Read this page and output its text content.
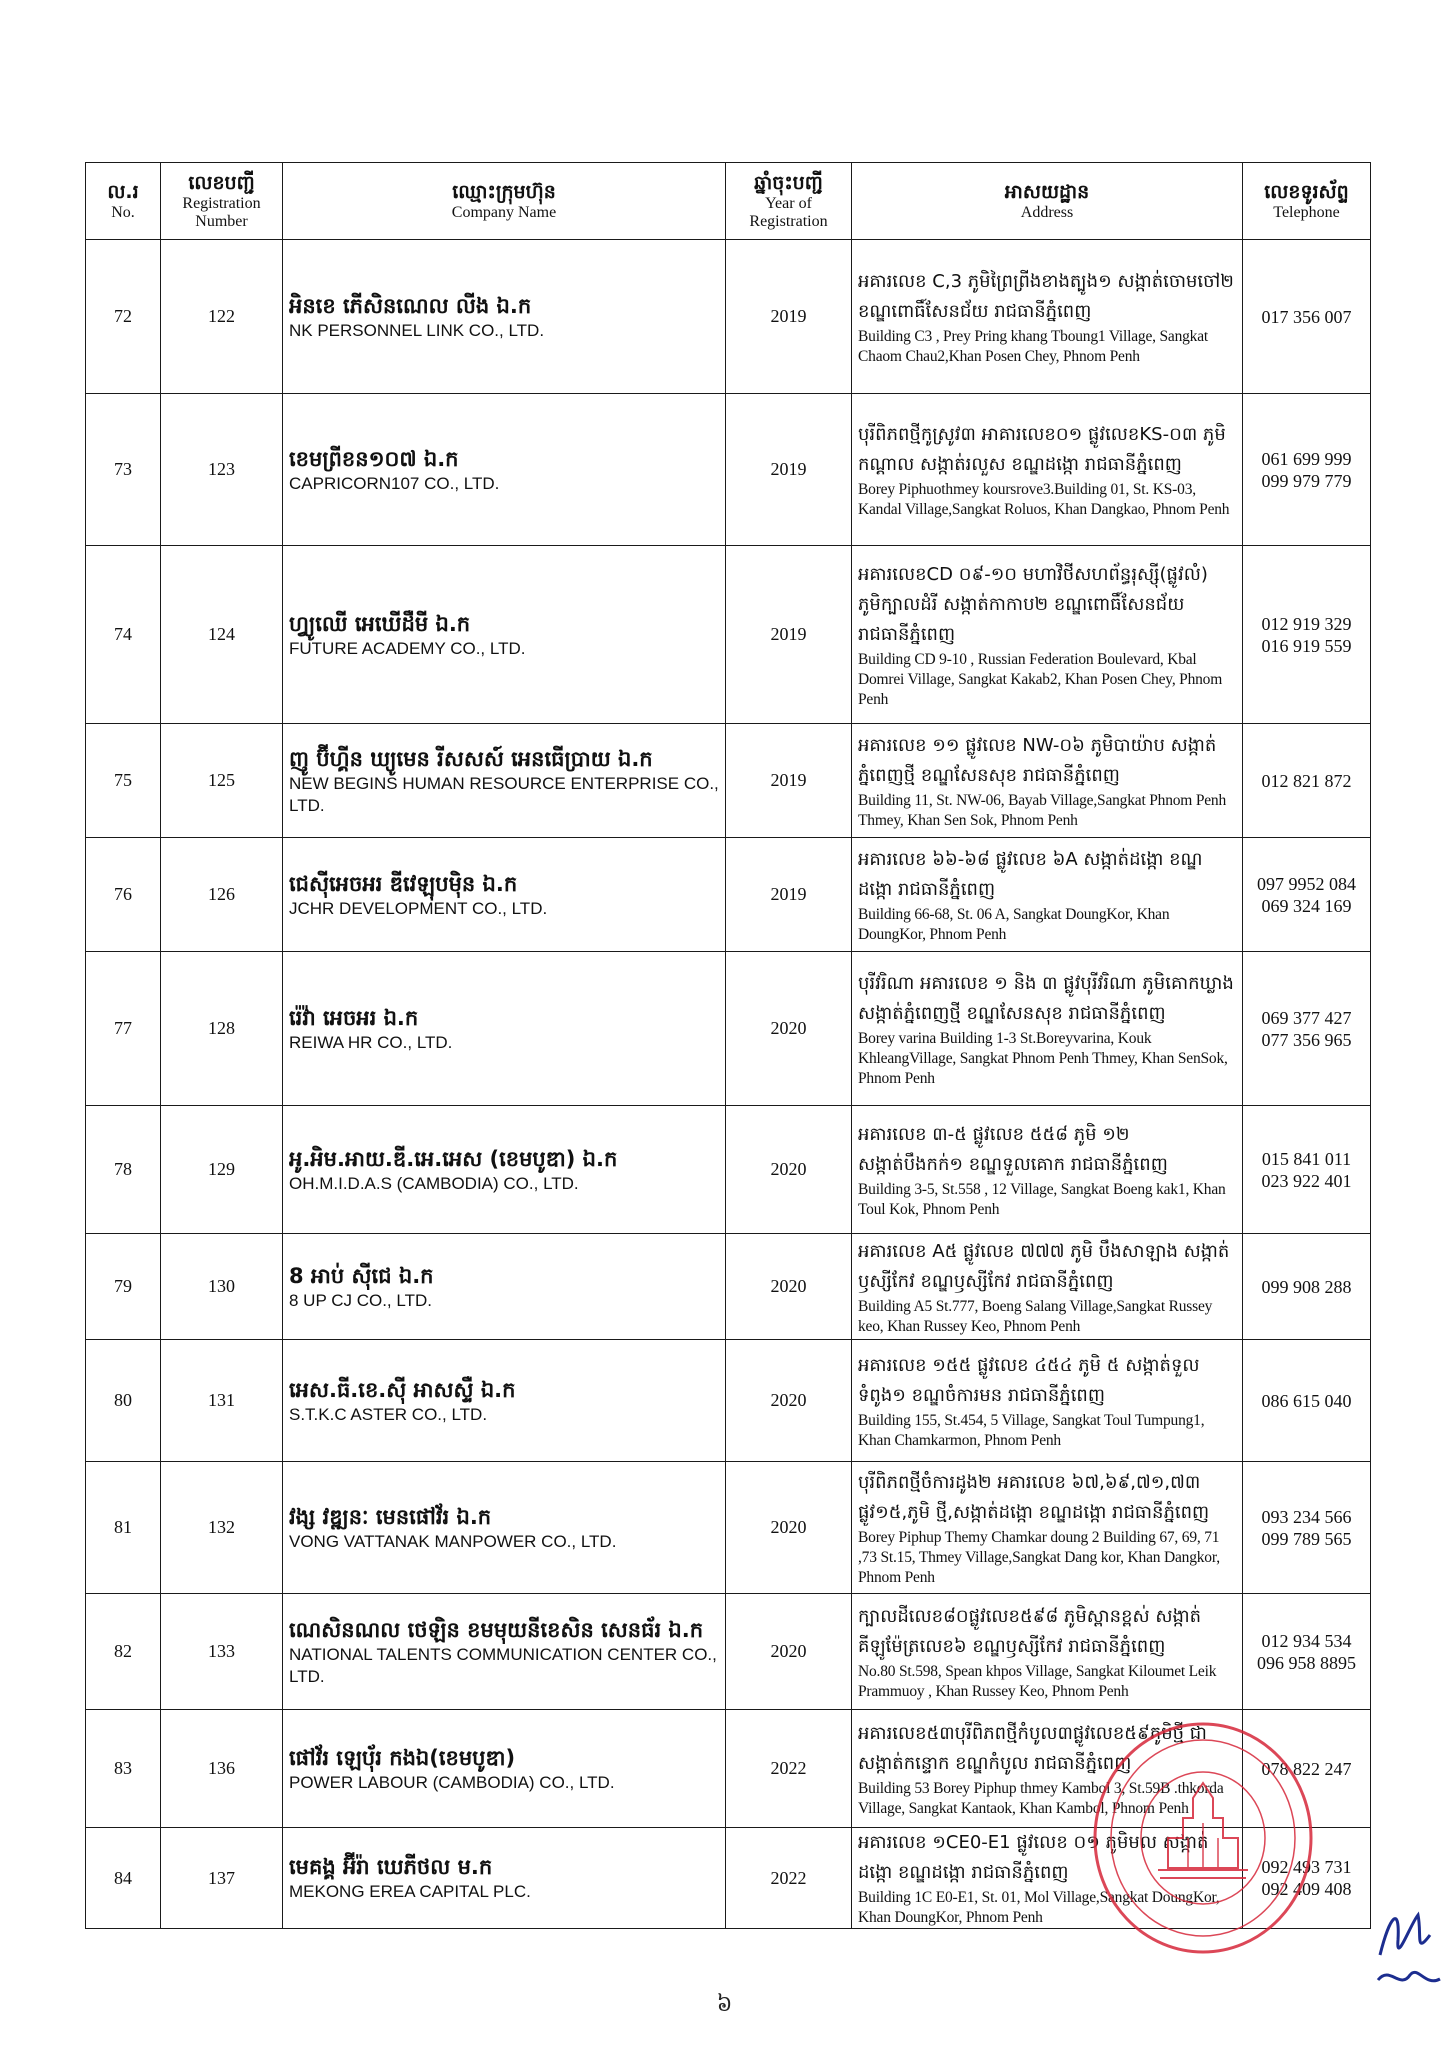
ល.រ
No.	លេខបញ្ជី
Registration Number	ឈ្មោះក្រុមហ៊ុន
Company Name	ឆ្នាំចុះបញ្ជី
Year of Registration	អាសយដ្ឋាន
Address	លេខទូរស័ព្ទ
Telephone

72	122	អិនខេ ភើសិនណេល លីង ឯ.ក
NK PERSONNEL LINK CO., LTD.	2019	អគារលេខ C,3 ភូមិព្រៃព្រីងខាងត្បូង១ សង្កាត់ចោមចៅ២ ខណ្ឌពោធិ៍សែនជ័យ រាជធានីភ្នំពេញ
Building C3 , Prey Pring khang Tboung1 Village, Sangkat Chaom Chau2,Khan Posen Chey, Phnom Penh	017 356 007

73	123	ខេមព្រីខន១០៧ ឯ.ក
CAPRICORN107 CO., LTD.	2019	បុរីពិភពថ្មីកូស្រូវ៣ អាគារលេខ០១ ផ្លូវលេខKS-០៣ ភូមិកណ្ដាល សង្កាត់រលួស ខណ្ឌដង្កោ រាជធានីភ្នំពេញ
Borey Piphuothmey koursrove3.Building 01, St. KS-03, Kandal Village,Sangkat Roluos, Khan Dangkao, Phnom Penh	061 699 999
099 979 779

74	124	ហ្វ្យូឈើ អេឃើដឺមី ឯ.ក
FUTURE ACADEMY CO., LTD.	2019	អគារលេខCD ០៩-១០ មហាវិថីសហព័ន្ធរុស្ស៊ី(ផ្លូវលំ) ភូមិក្បាលដំរី សង្កាត់កាកាប២ ខណ្ឌពោធិ៍សែនជ័យ រាជធានីភ្នំពេញ
Building CD 9-10 , Russian Federation Boulevard, Kbal Domrei Village, Sangkat Kakab2, Khan Posen Chey, Phnom Penh	012 919 329
016 919 559

75	125	ញូ ប៊ីហ្គីន ឃ្យូមេន រីសសស៍ អេនធើប្រាយ ឯ.ក
NEW BEGINS HUMAN RESOURCE ENTERPRISE CO., LTD.	2019	អគារលេខ ១១ ផ្លូវលេខ NW-០៦ ភូមិបាយ៉ាប សង្កាត់ភ្នំពេញថ្មី ខណ្ឌសែនសុខ រាជធានីភ្នំពេញ
Building 11, St. NW-06, Bayab Village,Sangkat Phnom Penh Thmey, Khan Sen Sok, Phnom Penh	012 821 872

76	126	ជេស៊ីអេចអរ ឌីវេឡុបម៉ិន ឯ.ក
JCHR DEVELOPMENT CO., LTD.	2019	អគារលេខ ៦៦-៦៨ ផ្លូវលេខ ៦A សង្កាត់ដង្កោ ខណ្ឌដង្កោ រាជធានីភ្នំពេញ
Building 66-68, St. 06 A, Sangkat DoungKor, Khan DoungKor, Phnom Penh	097 9952 084
069 324 169

77	128	រ៉េវ៉ា អេចអរ ឯ.ក
REIWA HR CO., LTD.	2020	បុរីវរិណា អគារលេខ ១ និង ៣ ផ្លូវបុរីវរិណា ភូមិគោកឃ្លាង សង្កាត់ភ្នំពេញថ្មី ខណ្ឌសែនសុខ រាជធានីភ្នំពេញ
Borey varina Building 1-3 St.Boreyvarina, Kouk KhleangVillage, Sangkat Phnom Penh Thmey, Khan SenSok, Phnom Penh	069 377 427
077 356 965

78	129	អូ.អិម.អាយ.ឌី.អេ.អេស (ខេមបូឌា) ឯ.ក
OH.M.I.D.A.S (CAMBODIA) CO., LTD.	2020	អគារលេខ ៣-៥ ផ្លូវលេខ ៥៥៨ ភូមិ ១២ សង្កាត់បឹងកក់១ ខណ្ឌទួលគោក រាជធានីភ្នំពេញ
Building 3-5, St.558 , 12 Village, Sangkat Boeng kak1, Khan Toul Kok, Phnom Penh	015 841 011
023 922 401

79	130	8 អាប់ ស៊ីជេ ឯ.ក
8 UP CJ CO., LTD.	2020	អគារលេខ A៥ ផ្លូវលេខ ៧៧៧ ភូមិ បឹងសាឡាង សង្កាត់ឫស្សីកែវ ខណ្ឌឫស្សីកែវ រាជធានីភ្នំពេញ
Building A5 St.777, Boeng Salang Village,Sangkat Russey keo, Khan Russey Keo, Phnom Penh	099 908 288

80	131	អេស.ធី.ខេ.ស៊ី អាសស្ទឺ ឯ.ក
S.T.K.C ASTER CO., LTD.	2020	អគារលេខ ១៥៥ ផ្លូវលេខ ៤៥៤ ភូមិ ៥ សង្កាត់ទួលទំពូង១ ខណ្ឌចំការមន រាជធានីភ្នំពេញ
Building 155, St.454, 5 Village, Sangkat Toul Tumpung1, Khan Chamkarmon, Phnom Penh	086 615 040

81	132	វង្ស វឌ្ឍនៈ មេនផៅវ័រ ឯ.ក
VONG VATTANAK MANPOWER CO., LTD.	2020	បុរីពិភពថ្មីចំការដូង២ អគារលេខ ៦៧,៦៩,៧១,៧៣ ផ្លូវ១៥,ភូមិ ថ្មី,សង្កាត់ដង្កោ ខណ្ឌដង្កោ រាជធានីភ្នំពេញ
Borey Piphup Themy Chamkar doung 2 Building 67, 69, 71 ,73 St.15, Thmey Village,Sangkat Dang kor, Khan Dangkor, Phnom Penh	093 234 566
099 789 565

82	133	ណេសិនណល ថេឡិន ខមមុយនីខេសិន សេនធ័រ ឯ.ក
NATIONAL TALENTS COMMUNICATION CENTER CO., LTD.	2020	ក្បាលដីលេខ៨០ផ្លូវលេខ៥៩៨ ភូមិស្ពានខ្ពស់ សង្កាត់គីឡូម៉ែត្រលេខ៦ ខណ្ឌឫស្សីកែវ រាជធានីភ្នំពេញ
No.80 St.598, Spean khpos Village, Sangkat Kiloumet Leik Prammuoy , Khan Russey Keo, Phnom Penh	012 934 534
096 958 8895

83	136	ផៅវ័រ ឡេប៉័រ កងឯ(ខេមបូឌា)
POWER LABOUR (CAMBODIA) CO., LTD.	2022	អគារលេខ៥៣បុរីពិភពថ្មីកំបូល៣ផ្លូវលេខ៥៩ភូមិថ្មី ជាសង្កាត់កន្ទោក ខណ្ឌកំបូល រាជធានីភ្នំពេញ
Building 53 Borey Piphup thmey Kambol 3, St.59B .thkorda Village, Sangkat Kantaok, Khan Kambol, Phnom Penh	078 822 247

84	137	មេគង្គ អ៊ីរ៉ា ឃេភីថល ម.ក
MEKONG EREA CAPITAL PLC.	2022	អគារលេខ ១CE0-E1 ផ្លូវលេខ ០១ ភូមិមល សង្កាត់ដង្កោ ខណ្ឌដង្កោ រាជធានីភ្នំពេញ
Building 1C E0-E1, St. 01, Mol Village,Sangkat DoungKor, Khan DoungKor, Phnom Penh	092 493 731
092 409 408
៦
